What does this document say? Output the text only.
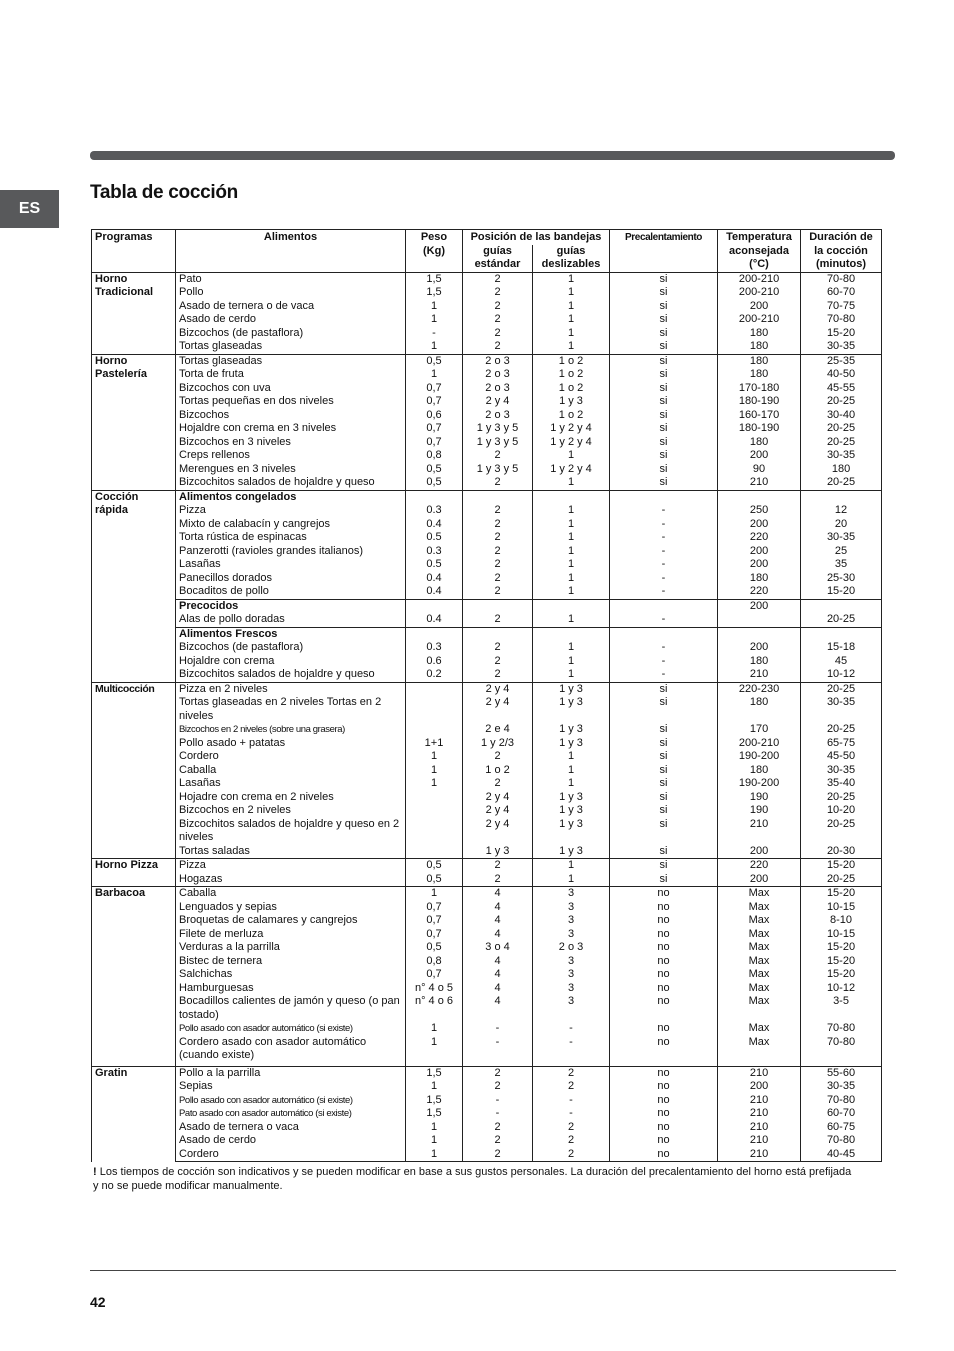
ES
Tabla de cocción
Programas	Alimentos	Peso (Kg)	Posición de las bandejas		Precalentamiento	Temperatura aconsejada (°C)	Duración de la cocción (minutos)
			guías estándar	guías deslizables			
Horno Tradicional	Pato	1,5	2	1	si	200-210	70-80
	Pollo	1,5	2	1	si	200-210	60-70
	Asado de ternera o de vaca	1	2	1	si	200	70-75
	Asado de cerdo	1	2	1	si	200-210	70-80
	Bizcochos (de pastaflora)	-	2	1	si	180	15-20
	Tortas glaseadas	1	2	1	si	180	30-35
Horno Pastelería	Tortas glaseadas	0,5	2 o 3	1 o 2	si	180	25-35
	Torta de fruta	1	2 o 3	1 o 2	si	180	40-50
	Bizcochos con uva	0,7	2 o 3	1 o 2	si	170-180	45-55
	Tortas pequeñas en dos niveles	0,7	2 y 4	1 y 3	si	180-190	20-25
	Bizcochos	0,6	2 o 3	1 o 2	si	160-170	30-40
	Hojaldre con crema en 3 niveles	0,7	1 y 3 y 5	1 y 2 y 4	si	180-190	20-25
	Bizcochos en 3 niveles	0,7	1 y 3 y 5	1 y 2 y 4	si	180	20-25
	Creps rellenos	0,8	2	1	si	200	30-35
	Merengues en 3 niveles	0,5	1 y 3 y 5	1 y 2 y 4	si	90	180
	Bizcochitos salados de hojaldre y queso	0,5	2	1	si	210	20-25
Cocción rápida	Alimentos congelados						
	Pizza	0.3	2	1	-	250	12
	Mixto de calabacín y cangrejos	0.4	2	1	-	200	20
	Torta rústica de espinacas	0.5	2	1	-	220	30-35
	Panzerotti (ravioles grandes italianos)	0.3	2	1	-	200	25
	Lasañas	0.5	2	1	-	200	35
	Panecillos dorados	0.4	2	1	-	180	25-30
	Bocaditos de pollo	0.4	2	1	-	220	15-20
	Precocidos					200	
	Alas de pollo doradas	0.4	2	1	-		20-25
	Alimentos Frescos						
	Bizcochos (de pastaflora)	0.3	2	1	-	200	15-18
	Hojaldre con crema	0.6	2	1	-	180	45
	Bizcochitos salados de hojaldre y queso	0.2	2	1	-	210	10-12
Multicocción	Pizza en 2 niveles		2 y 4	1 y 3	si	220-230	20-25
	Tortas glaseadas en 2 niveles Tortas en 2 niveles		2 y 4	1 y 3	si	180	30-35
	Bizcochos en 2 niveles (sobre una grasera)		2 e 4	1 y 3	si	170	20-25
	Pollo asado + patatas	1+1	1 y 2/3	1 y 3	si	200-210	65-75
	Cordero	1	2	1	si	190-200	45-50
	Caballa	1	1 o 2	1	si	180	30-35
	Lasañas	1	2	1	si	190-200	35-40
	Hojadre con crema en 2 niveles		2 y 4	1 y 3	si	190	20-25
	Bizcochos en 2 niveles		2 y 4	1 y 3	si	190	10-20
	Bizcochitos salados de hojaldre y queso en 2 niveles		2 y 4	1 y 3	si	210	20-25
	Tortas saladas		1 y 3	1 y 3	si	200	20-30
Horno Pizza	Pizza	0,5	2	1	si	220	15-20
	Hogazas	0,5	2	1	si	200	20-25
Barbacoa	Caballa	1	4	3	no	Max	15-20
	Lenguados y sepias	0,7	4	3	no	Max	10-15
	Broquetas de calamares y cangrejos	0,7	4	3	no	Max	8-10
	Filete de merluza	0,7	4	3	no	Max	10-15
	Verduras a la parrilla	0,5	3 o 4	2 o 3	no	Max	15-20
	Bistec de ternera	0,8	4	3	no	Max	15-20
	Salchichas	0,7	4	3	no	Max	15-20
	Hamburguesas	n° 4 o 5	4	3	no	Max	10-12
	Bocadillos calientes de jamón y queso (o pan tostado)	n° 4 o 6	4	3	no	Max	3-5
	Pollo asado con asador automático (si existe)	1	-	-	no	Max	70-80
	Cordero asado con asador automático (cuando existe)	1	-	-	no	Max	70-80
Gratin	Pollo a la parrilla	1,5	2	2	no	210	55-60
	Sepias	1	2	2	no	200	30-35
	Pollo asado con asador automático (si existe)	1,5	-	-	no	210	70-80
	Pato asado con asador automático (si existe)	1,5	-	-	no	210	60-70
	Asado de ternera o vaca	1	2	2	no	210	60-75
	Asado de cerdo	1	2	2	no	210	70-80
	Cordero	1	2	2	no	210	40-45

! Los tiempos de cocción son indicativos y se pueden modificar en base a sus gustos personales. La duración del precalentamiento del horno está prefijada y no se puede modificar manualmente.

42
